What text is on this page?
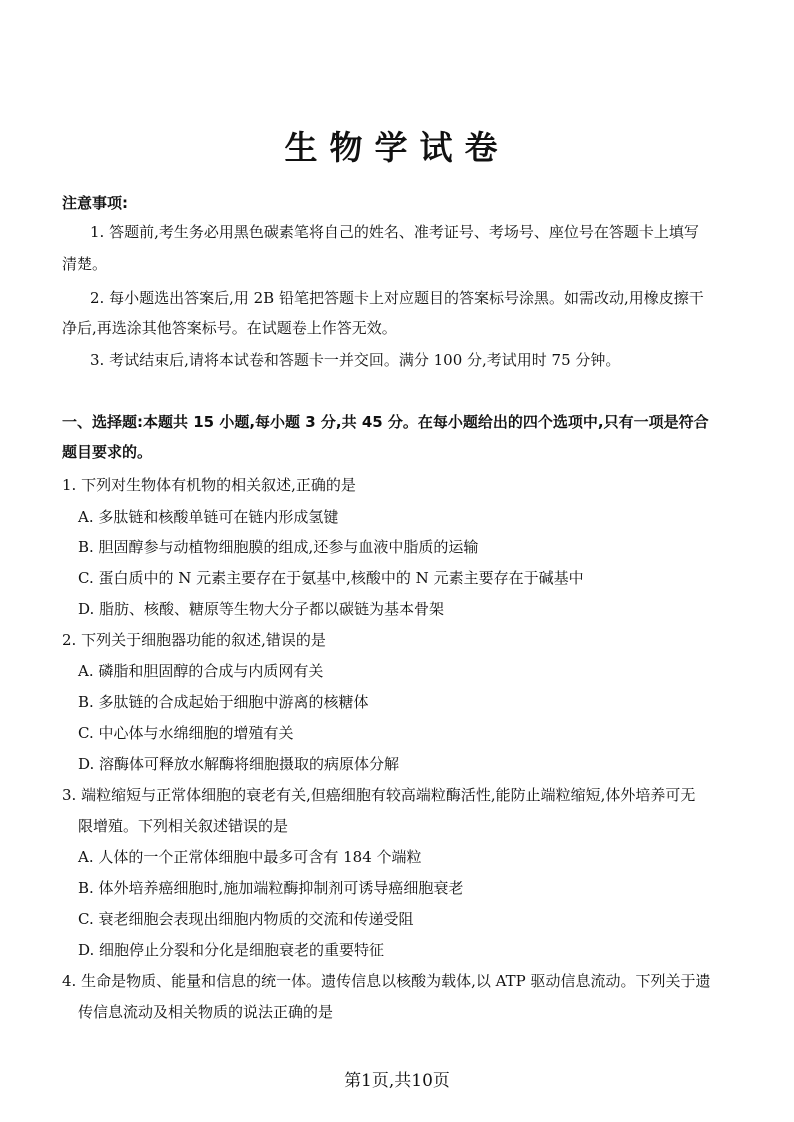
生物学试卷
注意事项:
1. 答题前,考生务必用黑色碳素笔将自己的姓名、准考证号、考场号、座位号在答题卡上填写
清楚。
2. 每小题选出答案后,用 2B 铅笔把答题卡上对应题目的答案标号涂黑。如需改动,用橡皮擦干
净后,再选涂其他答案标号。在试题卷上作答无效。
3. 考试结束后,请将本试卷和答题卡一并交回。满分 100 分,考试用时 75 分钟。
一、选择题:本题共 15 小题,每小题 3 分,共 45 分。在每小题给出的四个选项中,只有一项是符合
题目要求的。
1. 下列对生物体有机物的相关叙述,正确的是
A. 多肽链和核酸单链可在链内形成氢键
B. 胆固醇参与动植物细胞膜的组成,还参与血液中脂质的运输
C. 蛋白质中的 N 元素主要存在于氨基中,核酸中的 N 元素主要存在于碱基中
D. 脂肪、核酸、糖原等生物大分子都以碳链为基本骨架
2. 下列关于细胞器功能的叙述,错误的是
A. 磷脂和胆固醇的合成与内质网有关
B. 多肽链的合成起始于细胞中游离的核糖体
C. 中心体与水绵细胞的增殖有关
D. 溶酶体可释放水解酶将细胞摄取的病原体分解
3. 端粒缩短与正常体细胞的衰老有关,但癌细胞有较高端粒酶活性,能防止端粒缩短,体外培养可无
限增殖。下列相关叙述错误的是
A. 人体的一个正常体细胞中最多可含有 184 个端粒
B. 体外培养癌细胞时,施加端粒酶抑制剂可诱导癌细胞衰老
C. 衰老细胞会表现出细胞内物质的交流和传递受阻
D. 细胞停止分裂和分化是细胞衰老的重要特征
4. 生命是物质、能量和信息的统一体。遗传信息以核酸为载体,以 ATP 驱动信息流动。下列关于遗
传信息流动及相关物质的说法正确的是
第1页,共10页
